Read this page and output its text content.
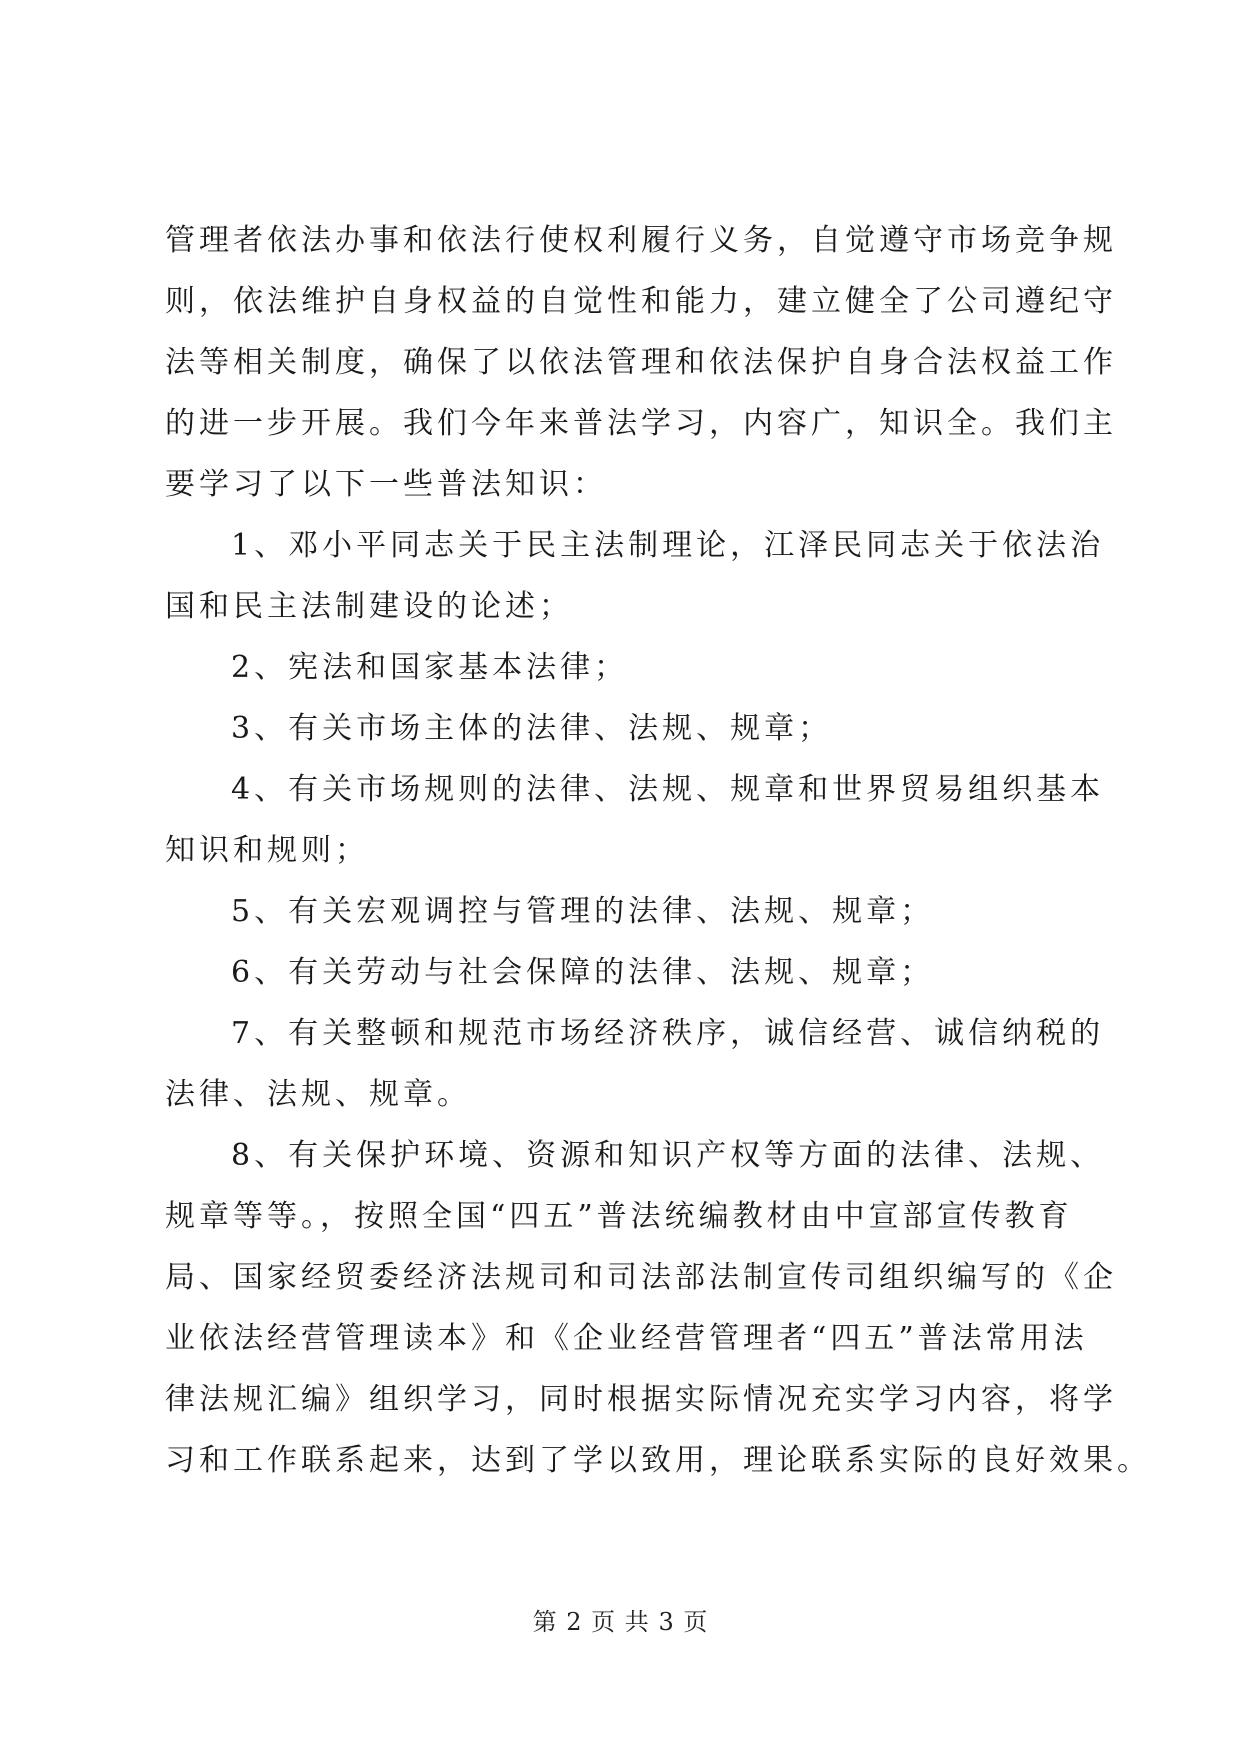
管理者依法办事和依法行使权利履行义务，自觉遵守市场竞争规
则，依法维护自身权益的自觉性和能力，建立健全了公司遵纪守
法等相关制度，确保了以依法管理和依法保护自身合法权益工作
的进一步开展。我们今年来普法学习，内容广，知识全。我们主
要学习了以下一些普法知识：
1、邓小平同志关于民主法制理论，江泽民同志关于依法治
国和民主法制建设的论述；
2、宪法和国家基本法律；
3、有关市场主体的法律、法规、规章；
4、有关市场规则的法律、法规、规章和世界贸易组织基本
知识和规则；
5、有关宏观调控与管理的法律、法规、规章；
6、有关劳动与社会保障的法律、法规、规章；
7、有关整顿和规范市场经济秩序，诚信经营、诚信纳税的
法律、法规、规章。
8、有关保护环境、资源和知识产权等方面的法律、法规、
规章等等。，按照全国“四五”普法统编教材由中宣部宣传教育
局、国家经贸委经济法规司和司法部法制宣传司组织编写的《企
业依法经营管理读本》和《企业经营管理者“四五”普法常用法
律法规汇编》组织学习，同时根据实际情况充实学习内容，将学
习和工作联系起来，达到了学以致用，理论联系实际的良好效果。
第 2 页 共 3 页
